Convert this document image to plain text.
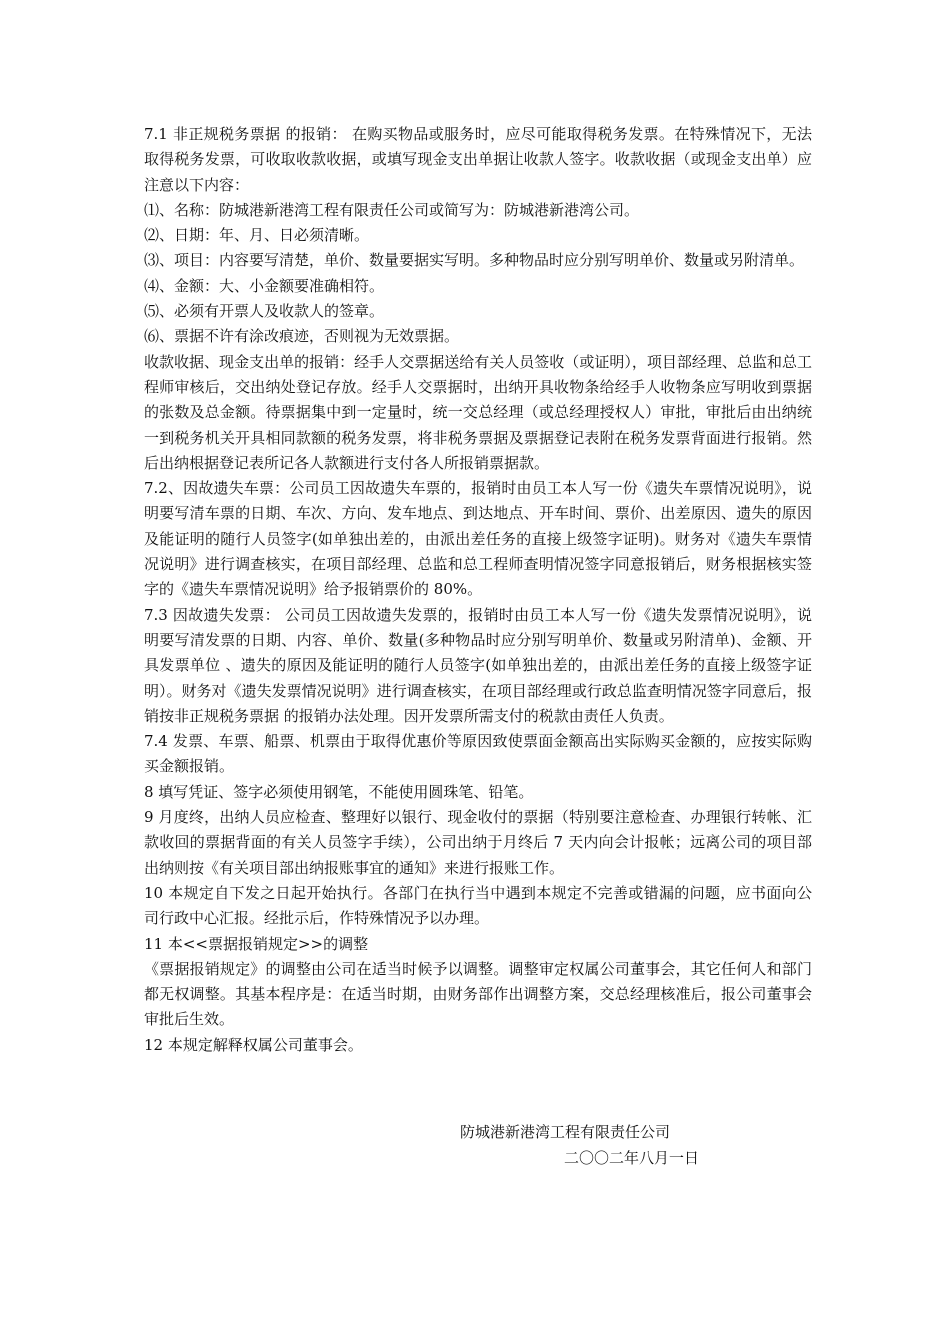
7.1 非正规税务票据 的报销： 在购买物品或服务时，应尽可能取得税务发票。在特殊情况下，无法取得税务发票，可收取收款收据，或填写现金支出单据让收款人签字。收款收据（或现金支出单）应注意以下内容：

⑴、名称：防城港新港湾工程有限责任公司或简写为：防城港新港湾公司。

⑵、日期：年、月、日必须清晰。

⑶、项目：内容要写清楚，单价、数量要据实写明。多种物品时应分别写明单价、数量或另附清单。

⑷、金额：大、小金额要准确相符。

⑸、必须有开票人及收款人的签章。

⑹、票据不许有涂改痕迹，否则视为无效票据。

收款收据、现金支出单的报销：经手人交票据送给有关人员签收（或证明），项目部经理、总监和总工程师审核后，交出纳处登记存放。经手人交票据时，出纳开具收物条给经手人收物条应写明收到票据的张数及总金额。待票据集中到一定量时，统一交总经理（或总经理授权人）审批，审批后由出纳统一到税务机关开具相同款额的税务发票，将非税务票据及票据登记表附在税务发票背面进行报销。然后出纳根据登记表所记各人款额进行支付各人所报销票据款。

7.2、因故遗失车票：公司员工因故遗失车票的，报销时由员工本人写一份《遗失车票情况说明》，说明要写清车票的日期、车次、方向、发车地点、到达地点、开车时间、票价、出差原因、遗失的原因及能证明的随行人员签字(如单独出差的，由派出差任务的直接上级签字证明)。财务对《遗失车票情况说明》进行调查核实，在项目部经理、总监和总工程师查明情况签字同意报销后，财务根据核实签字的《遗失车票情况说明》给予报销票价的 80%。

7.3 因故遗失发票： 公司员工因故遗失发票的，报销时由员工本人写一份《遗失发票情况说明》，说明要写清发票的日期、内容、单价、数量(多种物品时应分别写明单价、数量或另附清单)、金额、开具发票单位 、遗失的原因及能证明的随行人员签字(如单独出差的，由派出差任务的直接上级签字证明）。财务对《遗失发票情况说明》进行调查核实，在项目部经理或行政总监查明情况签字同意后，报销按非正规税务票据 的报销办法处理。因开发票所需支付的税款由责任人负责。

7.4 发票、车票、船票、机票由于取得优惠价等原因致使票面金额高出实际购买金额的，应按实际购买金额报销。

8 填写凭证、签字必须使用钢笔，不能使用圆珠笔、铅笔。

9 月度终，出纳人员应检查、整理好以银行、现金收付的票据（特别要注意检查、办理银行转帐、汇款收回的票据背面的有关人员签字手续），公司出纳于月终后 7 天内向会计报帐；远离公司的项目部出纳则按《有关项目部出纳报账事宜的通知》来进行报账工作。

10 本规定自下发之日起开始执行。各部门在执行当中遇到本规定不完善或错漏的问题，应书面向公司行政中心汇报。经批示后，作特殊情况予以办理。

11 本<<票据报销规定>>的调整

《票据报销规定》的调整由公司在适当时候予以调整。调整审定权属公司董事会，其它任何人和部门都无权调整。其基本程序是：在适当时期，由财务部作出调整方案，交总经理核准后，报公司董事会审批后生效。

12 本规定解释权属公司董事会。

防城港新港湾工程有限责任公司
二〇〇二年八月一日
